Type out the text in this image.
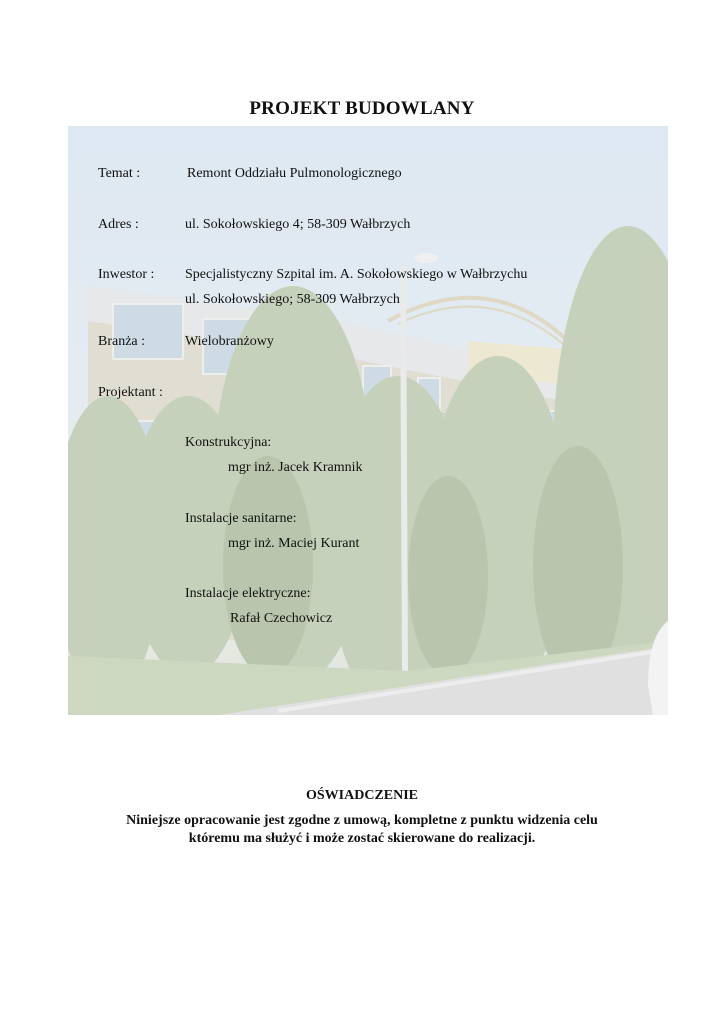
PROJEKT BUDOWLANY
Temat :	Remont Oddziału Pulmonologicznego
Adres :	ul. Sokołowskiego 4; 58-309 Wałbrzych
Inwestor : Specjalistyczny Szpital im. A. Sokołowskiego w Wałbrzychu
ul. Sokołowskiego; 58-309 Wałbrzych
Branża :	Wielobranżowy
Projektant :
Konstrukcyjna:
mgr inż. Jacek Kramnik
Instalacje sanitarne:
mgr inż. Maciej Kurant
Instalacje elektryczne:
Rafał Czechowicz
OŚWIADCZENIE
Niniejsze opracowanie jest zgodne z umową, kompletne z punktu widzenia celu
któremu ma służyć i może zostać skierowane do realizacji.
